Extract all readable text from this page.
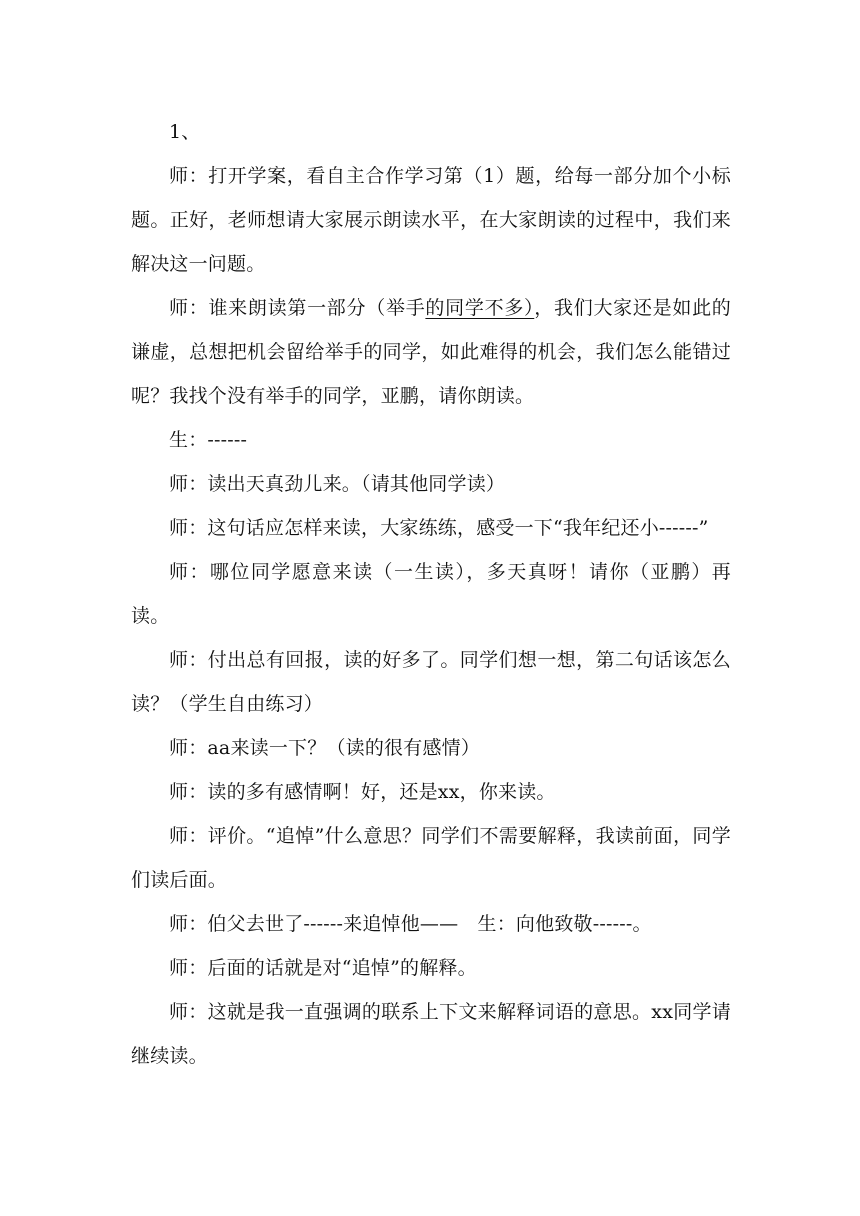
1、

师：打开学案，看自主合作学习第（1）题，给每一部分加个小标题。正好，老师想请大家展示朗读水平，在大家朗读的过程中，我们来解决这一问题。

师：谁来朗读第一部分（举手的同学不多），我们大家还是如此的谦虚，总想把机会留给举手的同学，如此难得的机会，我们怎么能错过呢？我找个没有举手的同学，亚鹏，请你朗读。

生：------

师：读出天真劲儿来。（请其他同学读）

师：这句话应怎样来读，大家练练，感受一下“我年纪还小------”

师：哪位同学愿意来读（一生读），多天真呀！请你（亚鹏）再读。

师：付出总有回报，读的好多了。同学们想一想，第二句话该怎么读？（学生自由练习）

师：aa来读一下？（读的很有感情）

师：读的多有感情啊！好，还是xx，你来读。

师：评价。“追悼”什么意思？同学们不需要解释，我读前面，同学们读后面。

师：伯父去世了------来追悼他——　生：向他致敬------。

师：后面的话就是对“追悼”的解释。

师：这就是我一直强调的联系上下文来解释词语的意思。xx同学请继续读。
